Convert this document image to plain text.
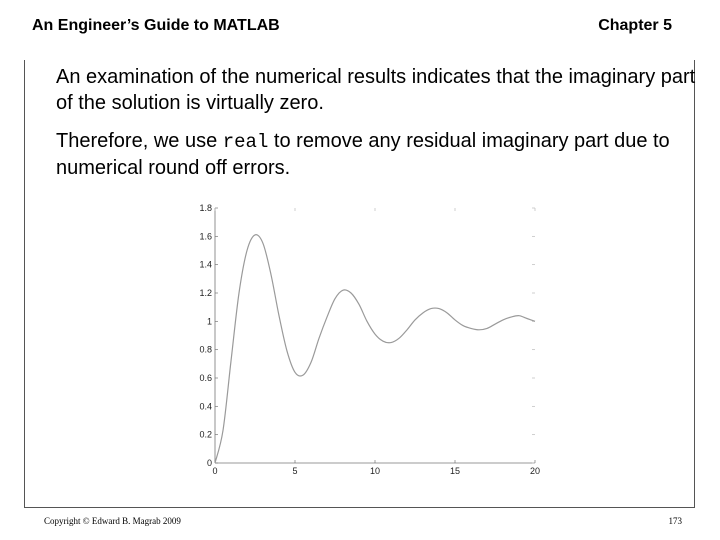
An Engineer’s Guide to MATLAB	Chapter 5
An examination of the numerical results indicates that the imaginary part of the solution is virtually zero.
Therefore, we use real to remove any residual imaginary part due to numerical round off errors.
0
0.2
0.4
0.6
0.8
1
1.2
1.4
1.6
1.8
0	5	10	15	20
Copyright © Edward B. Magrab 2009	173
